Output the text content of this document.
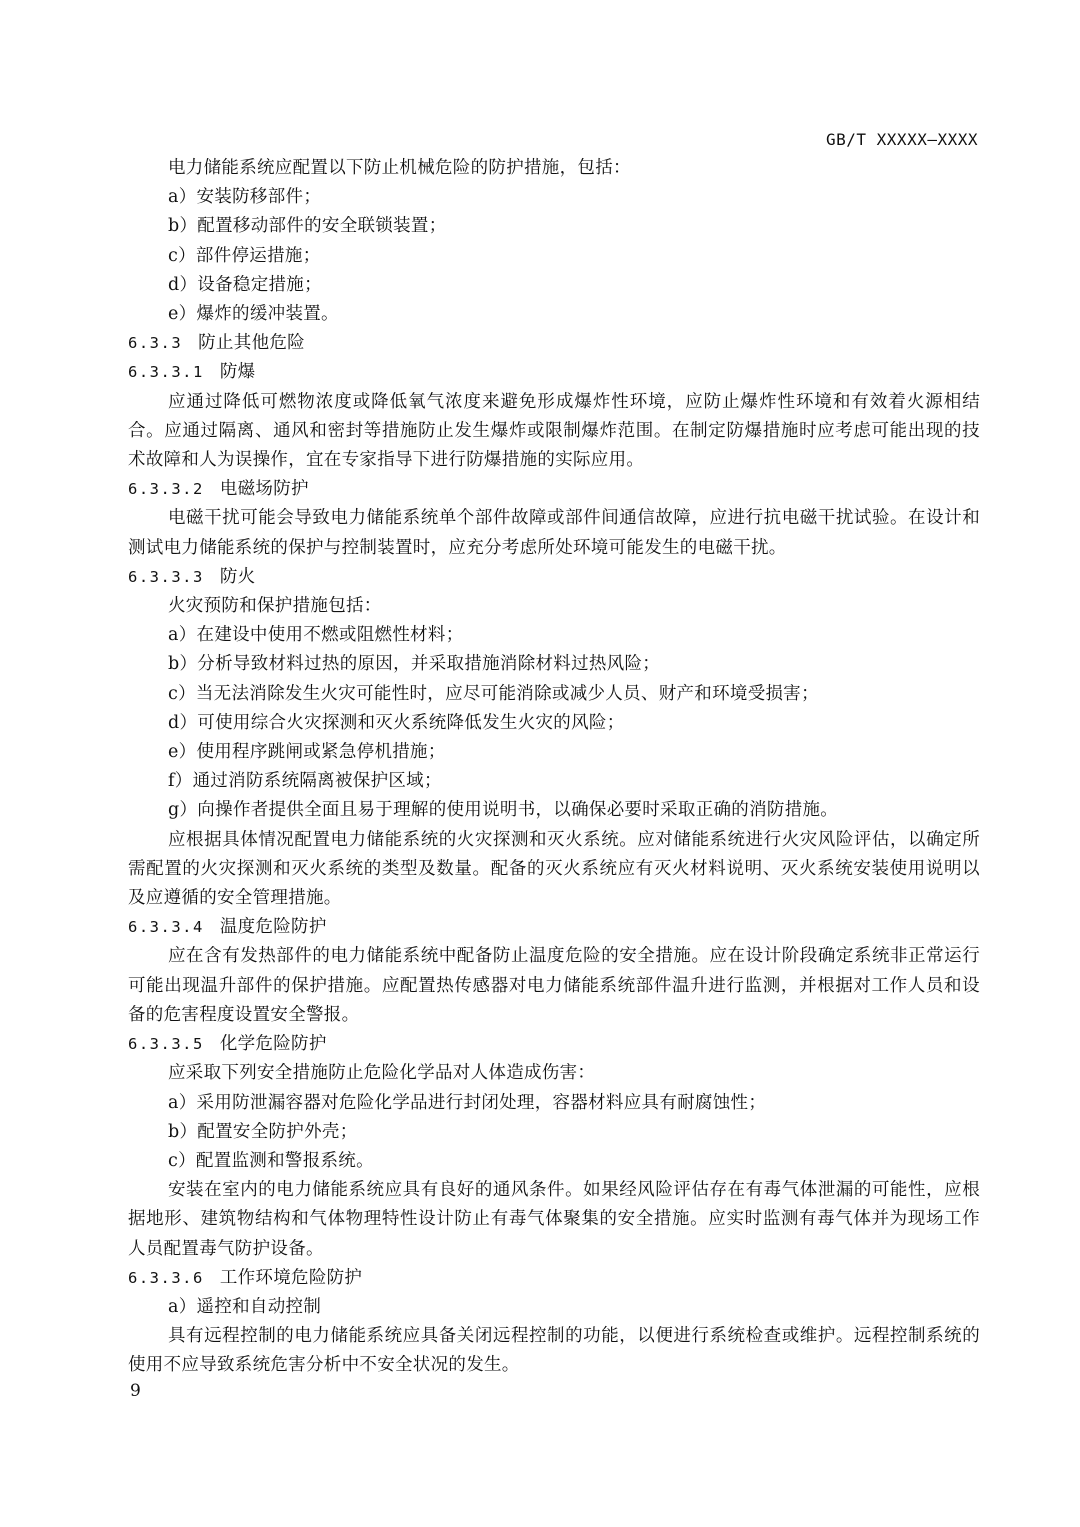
GB/T XXXXX—XXXX
电力储能系统应配置以下防止机械危险的防护措施，包括：
a）安装防移部件；
b）配置移动部件的安全联锁装置；
c）部件停运措施；
d）设备稳定措施；
e）爆炸的缓冲装置。
6.3.3 防止其他危险
6.3.3.1 防爆
应通过降低可燃物浓度或降低氧气浓度来避免形成爆炸性环境，应防止爆炸性环境和有效着火源相结合。应通过隔离、通风和密封等措施防止发生爆炸或限制爆炸范围。在制定防爆措施时应考虑可能出现的技术故障和人为误操作，宜在专家指导下进行防爆措施的实际应用。
6.3.3.2 电磁场防护
电磁干扰可能会导致电力储能系统单个部件故障或部件间通信故障，应进行抗电磁干扰试验。在设计和测试电力储能系统的保护与控制装置时，应充分考虑所处环境可能发生的电磁干扰。
6.3.3.3 防火
火灾预防和保护措施包括：
a）在建设中使用不燃或阻燃性材料；
b）分析导致材料过热的原因，并采取措施消除材料过热风险；
c）当无法消除发生火灾可能性时，应尽可能消除或减少人员、财产和环境受损害；
d）可使用综合火灾探测和灭火系统降低发生火灾的风险；
e）使用程序跳闸或紧急停机措施；
f）通过消防系统隔离被保护区域；
g）向操作者提供全面且易于理解的使用说明书，以确保必要时采取正确的消防措施。
应根据具体情况配置电力储能系统的火灾探测和灭火系统。应对储能系统进行火灾风险评估，以确定所需配置的火灾探测和灭火系统的类型及数量。配备的灭火系统应有灭火材料说明、灭火系统安装使用说明以及应遵循的安全管理措施。
6.3.3.4 温度危险防护
应在含有发热部件的电力储能系统中配备防止温度危险的安全措施。应在设计阶段确定系统非正常运行可能出现温升部件的保护措施。应配置热传感器对电力储能系统部件温升进行监测，并根据对工作人员和设备的危害程度设置安全警报。
6.3.3.5 化学危险防护
应采取下列安全措施防止危险化学品对人体造成伤害：
a）采用防泄漏容器对危险化学品进行封闭处理，容器材料应具有耐腐蚀性；
b）配置安全防护外壳；
c）配置监测和警报系统。
安装在室内的电力储能系统应具有良好的通风条件。如果经风险评估存在有毒气体泄漏的可能性，应根据地形、建筑物结构和气体物理特性设计防止有毒气体聚集的安全措施。应实时监测有毒气体并为现场工作人员配置毒气防护设备。
6.3.3.6 工作环境危险防护
a）遥控和自动控制
具有远程控制的电力储能系统应具备关闭远程控制的功能，以便进行系统检查或维护。远程控制系统的使用不应导致系统危害分析中不安全状况的发生。
9
